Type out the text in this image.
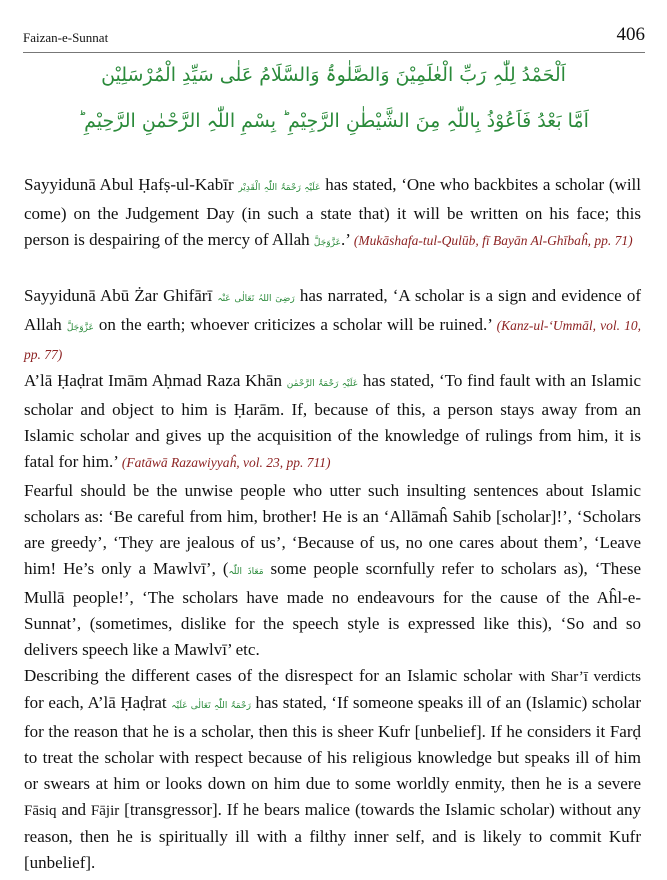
Faizan-e-Sunnat	406
اَلْحَمْدُ لِلّٰہِ رَبِّ الْعٰلَمِیْنَ وَالصَّلٰوۃُ وَالسَّلَامُ عَلٰی سَیِّدِ الْمُرْسَلِیْن
اَمَّا بَعْدُ فَاَعُوْذُ بِاللّٰہِ مِنَ الشَّیْطٰنِ الرَّجِیْمِ ؕ بِسْمِ اللّٰہِ الرَّحْمٰنِ الرَّحِیْمِ ؕ
Sayyidunā Abul Ḥafṣ-ul-Kabīr عَلَیْہِ رَحْمَۃُ اللّٰہِ الْقَدِیْر has stated, ‘One who backbites a scholar (will come) on the Judgement Day (in such a state that) it will be written on his face; this person is despairing of the mercy of Allah عَزَّوَجَلَّ.’ (Mukāshafa-tul-Qulūb, fī Bayān Al-Ghībaĥ, pp. 71)
Sayyidunā Abū Żar Ghifārī رَضِیَ اللہُ تَعَالٰی عَنْہ has narrated, ‘A scholar is a sign and evidence of Allah عَزَّوَجَلَّ on the earth; whoever criticizes a scholar will be ruined.’ (Kanz-ul-‘Ummāl, vol. 10, pp. 77)
A’lā Ḥaḍrat Imām Aḥmad Raza Khān عَلَیْہِ رَحْمَۃُ الرَّحْمٰن has stated, ‘To find fault with an Islamic scholar and object to him is Ḥarām. If, because of this, a person stays away from an Islamic scholar and gives up the acquisition of the knowledge of rulings from him, it is fatal for him.’ (Fatāwā Razawiyyaĥ, vol. 23, pp. 711)
Fearful should be the unwise people who utter such insulting sentences about Islamic scholars as: ‘Be careful from him, brother! He is an ‘Allāmaĥ Sahib [scholar]!’, ‘Scholars are greedy’, ‘They are jealous of us’, ‘Because of us, no one cares about them’, ‘Leave him! He’s only a Mawlvī’, (مَعَاذَ اللّٰہ some people scornfully refer to scholars as), ‘These Mullā people!’, ‘The scholars have made no endeavours for the cause of the Aĥl-e-Sunnat’, (sometimes, dislike for the speech style is expressed like this), ‘So and so delivers speech like a Mawlvī’ etc.
Describing the different cases of the disrespect for an Islamic scholar with Shar’ī verdicts for each, A’lā Ḥaḍrat رَحْمَۃُ اللّٰہِ تَعَالٰی عَلَیْہ has stated, ‘If someone speaks ill of an (Islamic) scholar for the reason that he is a scholar, then this is sheer Kufr [unbelief]. If he considers it Farḍ to treat the scholar with respect because of his religious knowledge but speaks ill of him or swears at him or looks down on him due to some worldly enmity, then he is a severe Fāsiq and Fājir [transgressor]. If he bears malice (towards the Islamic scholar) without any reason, then he is spiritually ill with a filthy inner self, and is likely to commit Kufr [unbelief].
